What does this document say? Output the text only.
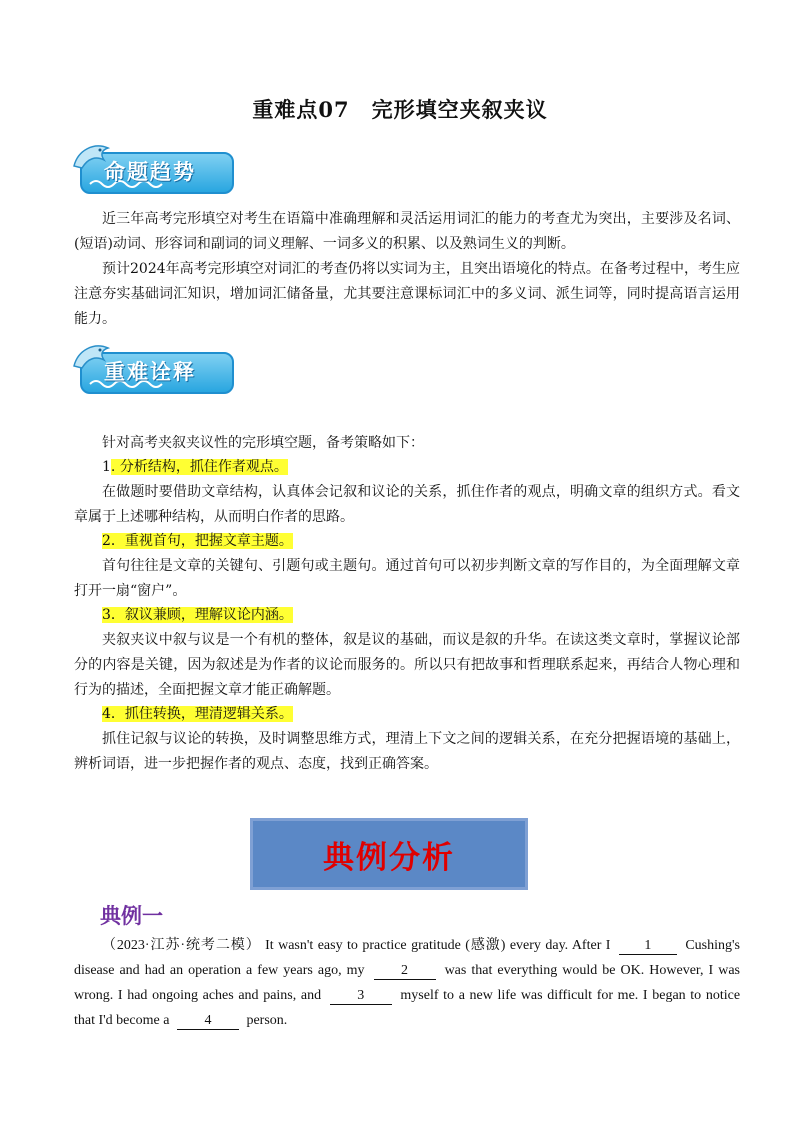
重难点07　完形填空夹叙夹议
命题趋势
近三年高考完形填空对考生在语篇中准确理解和灵活运用词汇的能力的考查尤为突出，主要涉及名词、(短语)动词、形容词和副词的词义理解、一词多义的积累、以及熟词生义的判断。
预计2024年高考完形填空对词汇的考查仍将以实词为主，且突出语境化的特点。在备考过程中，考生应注意夯实基础词汇知识，增加词汇储备量，尤其要注意课标词汇中的多义词、派生词等，同时提高语言运用能力。
重难诠释
针对高考夹叙夹议性的完形填空题，备考策略如下：
1. 分析结构，抓住作者观点。
在做题时要借助文章结构，认真体会记叙和议论的关系，抓住作者的观点，明确文章的组织方式。看文章属于上述哪种结构，从而明白作者的思路。
2．重视首句，把握文章主题。
首句往往是文章的关键句、引题句或主题句。通过首句可以初步判断文章的写作目的，为全面理解文章打开一扇“窗户”。
3．叙议兼顾，理解议论内涵。
夹叙夹议中叙与议是一个有机的整体，叙是议的基础，而议是叙的升华。在读这类文章时，掌握议论部分的内容是关键，因为叙述是为作者的议论而服务的。所以只有把故事和哲理联系起来，再结合人物心理和行为的描述，全面把握文章才能正确解题。
4．抓住转换，理清逻辑关系。
抓住记叙与议论的转换，及时调整思维方式，理清上下文之间的逻辑关系，在充分把握语境的基础上，辨析词语，进一步把握作者的观点、态度，找到正确答案。
典例分析
典例一
（2023·江苏·统考二模） It wasn't easy to practice gratitude (感激) every day. After I 1 Cushing's disease and had an operation a few years ago, my	2	was that everything would be OK. However, I was wrong. I had ongoing aches and pains, and	3	myself to a new life was difficult for me. I began to notice that I'd become a	4	person.
